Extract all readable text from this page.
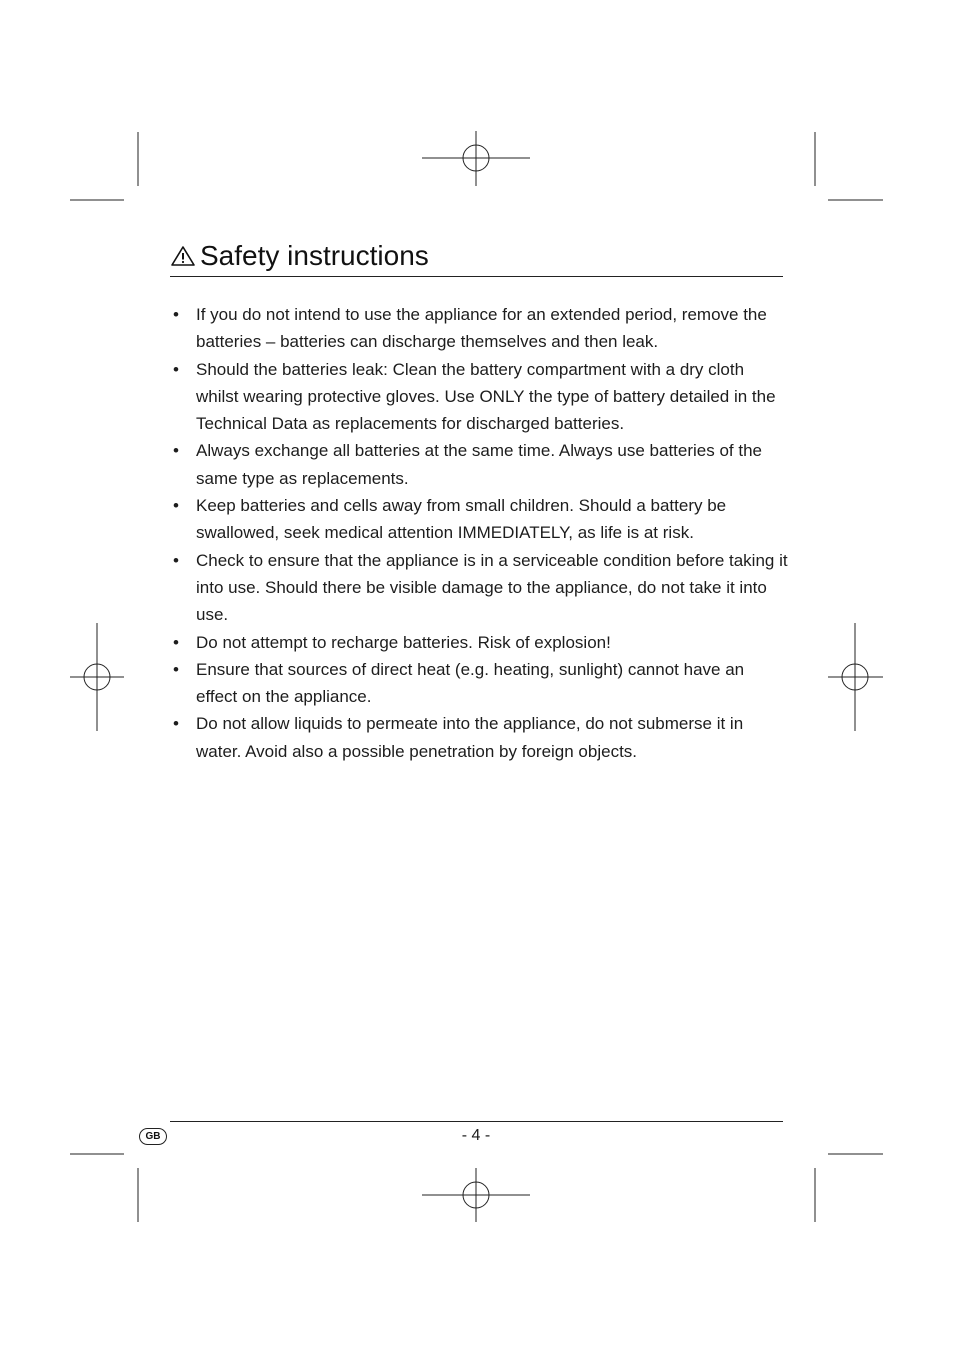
Safety instructions
• If you do not intend to use the appliance for an extended period, remove the batteries – batteries can discharge themselves and then leak.
• Should the batteries leak: Clean the battery compartment with a dry cloth whilst wearing protective gloves. Use ONLY the type of battery detailed in the Technical Data as replacements for discharged batteries.
• Always exchange all batteries at the same time. Always use batteries of the same type as replacements.
• Keep batteries and cells away from small children. Should a battery be swallowed, seek medical attention IMMEDIATELY, as life is at risk.
• Check to ensure that the appliance is in a serviceable condition before taking it into use. Should there be visible damage to the appliance, do not take it into use.
• Do not attempt to recharge batteries. Risk of explosion!
• Ensure that sources of direct heat (e.g. heating, sunlight) cannot have an effect on the appliance.
• Do not allow liquids to permeate into the appliance, do not submerse it in water. Avoid also a possible penetration by foreign objects.
GB	- 4 -
